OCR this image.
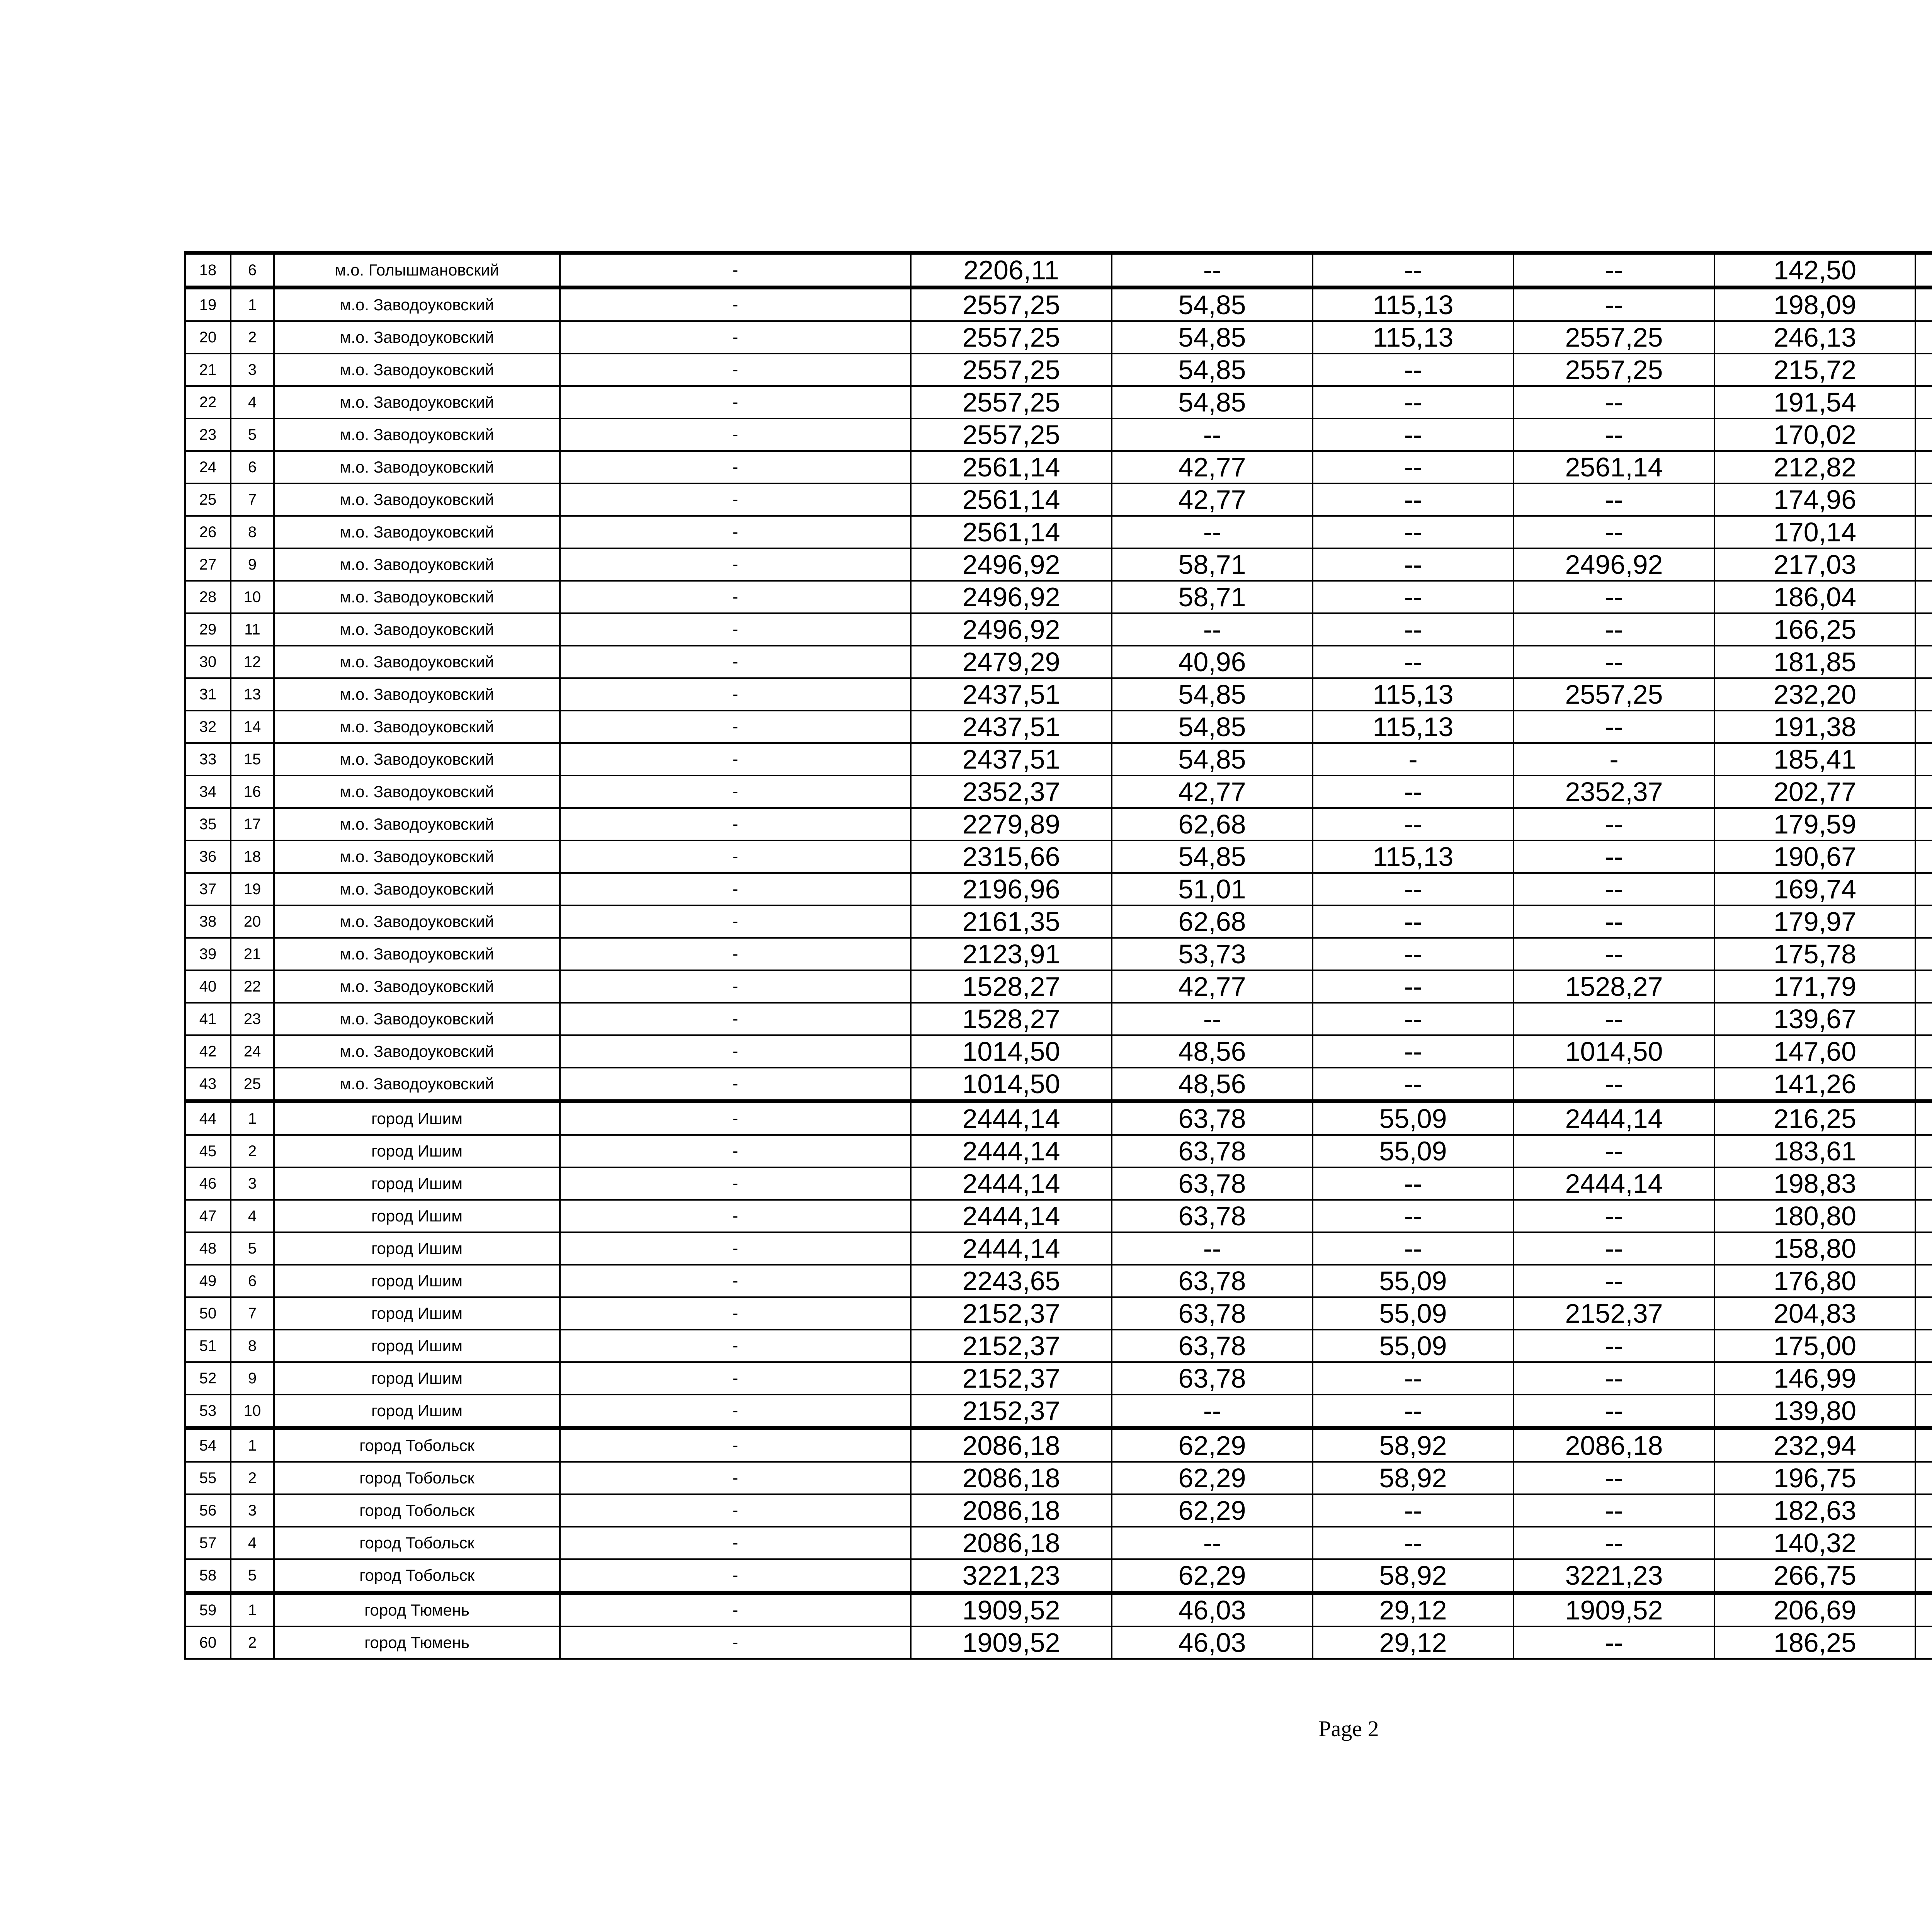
18	6	м.о. Голышмановский	-	2206,11	--	--	--	142,50			
19	1	м.о. Заводоуковский	-	2557,25	54,85	115,13	--	198,09			
20	2	м.о. Заводоуковский	-	2557,25	54,85	115,13	2557,25	246,13			
21	3	м.о. Заводоуковский	-	2557,25	54,85	--	2557,25	215,72			
22	4	м.о. Заводоуковский	-	2557,25	54,85	--	--	191,54			
23	5	м.о. Заводоуковский	-	2557,25	--	--	--	170,02			
24	6	м.о. Заводоуковский	-	2561,14	42,77	--	2561,14	212,82			
25	7	м.о. Заводоуковский	-	2561,14	42,77	--	--	174,96			
26	8	м.о. Заводоуковский	-	2561,14	--	--	--	170,14			
27	9	м.о. Заводоуковский	-	2496,92	58,71	--	2496,92	217,03			
28	10	м.о. Заводоуковский	-	2496,92	58,71	--	--	186,04			
29	11	м.о. Заводоуковский	-	2496,92	--	--	--	166,25			
30	12	м.о. Заводоуковский	-	2479,29	40,96	--	--	181,85			
31	13	м.о. Заводоуковский	-	2437,51	54,85	115,13	2557,25	232,20			
32	14	м.о. Заводоуковский	-	2437,51	54,85	115,13	--	191,38			
33	15	м.о. Заводоуковский	-	2437,51	54,85	-	-	185,41			
34	16	м.о. Заводоуковский	-	2352,37	42,77	--	2352,37	202,77			
35	17	м.о. Заводоуковский	-	2279,89	62,68	--	--	179,59			
36	18	м.о. Заводоуковский	-	2315,66	54,85	115,13	--	190,67			
37	19	м.о. Заводоуковский	-	2196,96	51,01	--	--	169,74			
38	20	м.о. Заводоуковский	-	2161,35	62,68	--	--	179,97			
39	21	м.о. Заводоуковский	-	2123,91	53,73	--	--	175,78			
40	22	м.о. Заводоуковский	-	1528,27	42,77	--	1528,27	171,79			
41	23	м.о. Заводоуковский	-	1528,27	--	--	--	139,67			
42	24	м.о. Заводоуковский	-	1014,50	48,56	--	1014,50	147,60			
43	25	м.о. Заводоуковский	-	1014,50	48,56	--	--	141,26			
44	1	город Ишим	-	2444,14	63,78	55,09	2444,14	216,25			
45	2	город Ишим	-	2444,14	63,78	55,09	--	183,61			
46	3	город Ишим	-	2444,14	63,78	--	2444,14	198,83			
47	4	город Ишим	-	2444,14	63,78	--	--	180,80			
48	5	город Ишим	-	2444,14	--	--	--	158,80			
49	6	город Ишим	-	2243,65	63,78	55,09	--	176,80			
50	7	город Ишим	-	2152,37	63,78	55,09	2152,37	204,83			
51	8	город Ишим	-	2152,37	63,78	55,09	--	175,00			
52	9	город Ишим	-	2152,37	63,78	--	--	146,99			
53	10	город Ишим	-	2152,37	--	--	--	139,80			
54	1	город Тобольск	-	2086,18	62,29	58,92	2086,18	232,94			
55	2	город Тобольск	-	2086,18	62,29	58,92	--	196,75			
56	3	город Тобольск	-	2086,18	62,29	--	--	182,63			
57	4	город Тобольск	-	2086,18	--	--	--	140,32			
58	5	город Тобольск	-	3221,23	62,29	58,92	3221,23	266,75			
59	1	город Тюмень	-	1909,52	46,03	29,12	1909,52	206,69			
60	2	город Тюмень	-	1909,52	46,03	29,12	--	186,25			
Page 2
